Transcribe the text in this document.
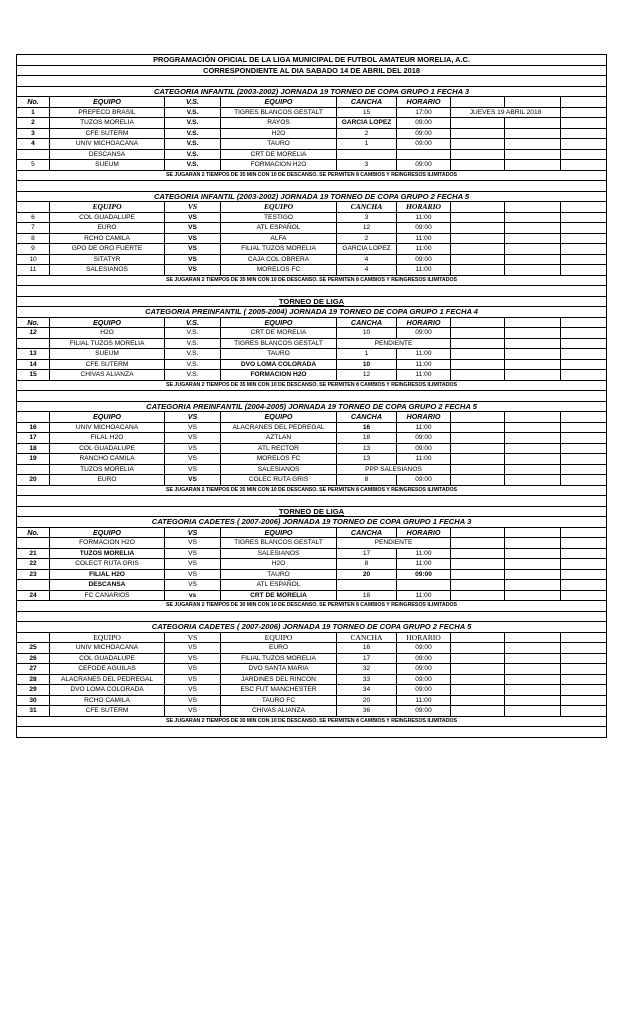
PROGRAMACIÓN OFICIAL DE LA LIGA MUNICIPAL DE FUTBOL AMATEUR MORELIA, A.C.								
CORRESPONDIENTE AL DIA SABADO 14 DE ABRIL DEL 2018								

CATEGORIA INFANTIL (2003-2002) JORNADA 19 TORNEO DE COPA GRUPO 1 FECHA 3								
No.	EQUIPO	V.S.	EQUIPO	CANCHA	HORARIO			
1	PREFECO BRASIL	V.S.	TIGRES BLANCOS GESTALT	15	17:00	JUEVES 19 ABRIL 2018		
2	TUZOS MORELIA	V.S.	RAYOS	GARCIA LOPEZ	09:00			
3	CFE SUTERM	V.S.	H2O	2	09:00			
4	UNIV MICHOACANA	V.S.	TAURO	1	09:00			
	DESCANSA	V.S.	CRT DE MORELIA					
5	SUEUM	V.S.	FORMACION H2O	3	09:00			
SE JUGARAN 2 TIEMPOS DE 35 MIN CON 10 DE DESCANSO. SE PERMITEN 8 CAMBIOS Y REINGRESOS ILIMITADOS								

CATEGORIA INFANTIL (2003-2002) JORNADA 19 TORNEO DE COPA GRUPO 2 FECHA 5								
	EQUIPO	VS	EQUIPO	CANCHA	HORARIO			
6	COL GUADALUPE	VS	TESTIGO	3	11:00			
7	EURO	VS	ATL ESPAÑOL	12	09:00			
8	RCHO CAMILA	VS	ALFA	2	11:00			
9	GPO DE ORO FUERTE	VS	FILIAL TUZOS MORELIA	GARCIA LOPEZ	11:00			
10	SITATYR	VS	CAJA COL OBRERA	4	09:00			
11	SALESIANOS	VS	MORELOS FC	4	11:00			
SE JUGARAN 2 TIEMPOS DE 35 MIN CON 10 DE DESCANSO. SE PERMITEN 8 CAMBIOS Y REINGRESOS ILIMITADOS								

TORNEO DE LIGA								
CATEGORIA PREINFANTIL ( 2005-2004) JORNADA 19 TORNEO DE COPA GRUPO 1 FECHA 4								
No.	EQUIPO	V.S.	EQUIPO	CANCHA	HORARIO			
12	H2O	V.S.	CRT DE MORELIA	10	09:00			
	FILIAL TUZOS MORELIA	V.S.	TIGRES BLANCOS GESTALT	PENDIENTE				
13	SUEUM	V.S.	TAURO	1	11:00			
14	CFE SUTERM	V.S.	DVO LOMA COLORADA	10	11:00			
15	CHIVAS ALIANZA	V.S.	FORMACION H2O	12	11:00			
SE JUGARAN 2 TIEMPOS DE 35 MIN CON 10 DE DESCANSO. SE PERMITEN 8 CAMBIOS Y REINGRESOS ILIMITADOS								

CATEGORIA PREINFANTIL (2004-2005) JORNADA 19 TORNEO DE COPA GRUPO 2 FECHA 5								
	EQUIPO	VS	EQUIPO	CANCHA	HORARIO			
16	UNIV MICHOACANA	VS	ALACRANES DEL PEDREGAL	16	11:00			
17	FILAL H2O	VS	AZTLAN	18	09:00			
18	COL GUADALUPE	VS	ATL RECTOR	13	09:00			
19	RANCHO CAMILA	VS	MORELOS FC	13	11:00			
	TUZOS MORELIA	VS	SALESIANOS	PPP SALESIANOS				
20	EURO	VS	COLEC RUTA GRIS	8	09:00			
SE JUGARAN 2 TIEMPOS DE 35 MIN CON 10 DE DESCANSO. SE PERMITEN 8 CAMBIOS Y REINGRESOS ILIMITADOS								

TORNEO DE LIGA								
CATEGORIA CADETES ( 2007-2006) JORNADA 19 TORNEO DE COPA GRUPO 1 FECHA 3								
No.	EQUIPO	VS	EQUIPO	CANCHA	HORARIO			
	FORMACION H2O	VS	TIGRES BLANCOS GESTALT	PENDIENTE				
21	TUZOS MORELIA	VS	SALESIANOS	17	11:00			
22	COLECT RUTA GRIS	VS	H2O	8	11:00			
23	FILIAL H2O	VS	TAURO	20	09:00			
	DESCANSA	VS	ATL ESPAÑOL					
24	FC CANARIOS	vs	CRT DE MORELIA	18	11:00			
SE JUGARAN 2 TIEMPOS DE 30 MIN CON 10 DE DESCANSO. SE PERMITEN 8 CAMBIOS Y REINGRESOS ILIMITADOS								

CATEGORIA CADETES ( 2007-2006) JORNADA 19 TORNEO DE COPA GRUPO 2 FECHA 5								
	EQUIPO	VS	EQUIPO	CANCHA	HORARIO			
25	UNIV MICHOACANA	VS	EURO	16	09:00			
26	COL GUADALUPE	VS	FILIAL TUZOS MORELIA	17	09:00			
27	CEFODE AGUILAS	VS	DVO SANTA MARIA	32	09:00			
28	ALACRANES DEL PEDREGAL	VS	JARDINES DEL RINCON	33	09:00			
29	DVO LOMA COLORADA	VS	ESC FUT MANCHESTER	34	09:00			
30	RCHO CAMILA	VS	TAURO FC	20	11:00			
31	CFE SUTERM	VS	CHIVAS ALIANZA	36	09:00			
SE JUGARAN 2 TIEMPOS DE 30 MIN CON 10 DE DESCANSO. SE PERMITEN 8 CAMBIOS Y REINGRESOS ILIMITADOS								
